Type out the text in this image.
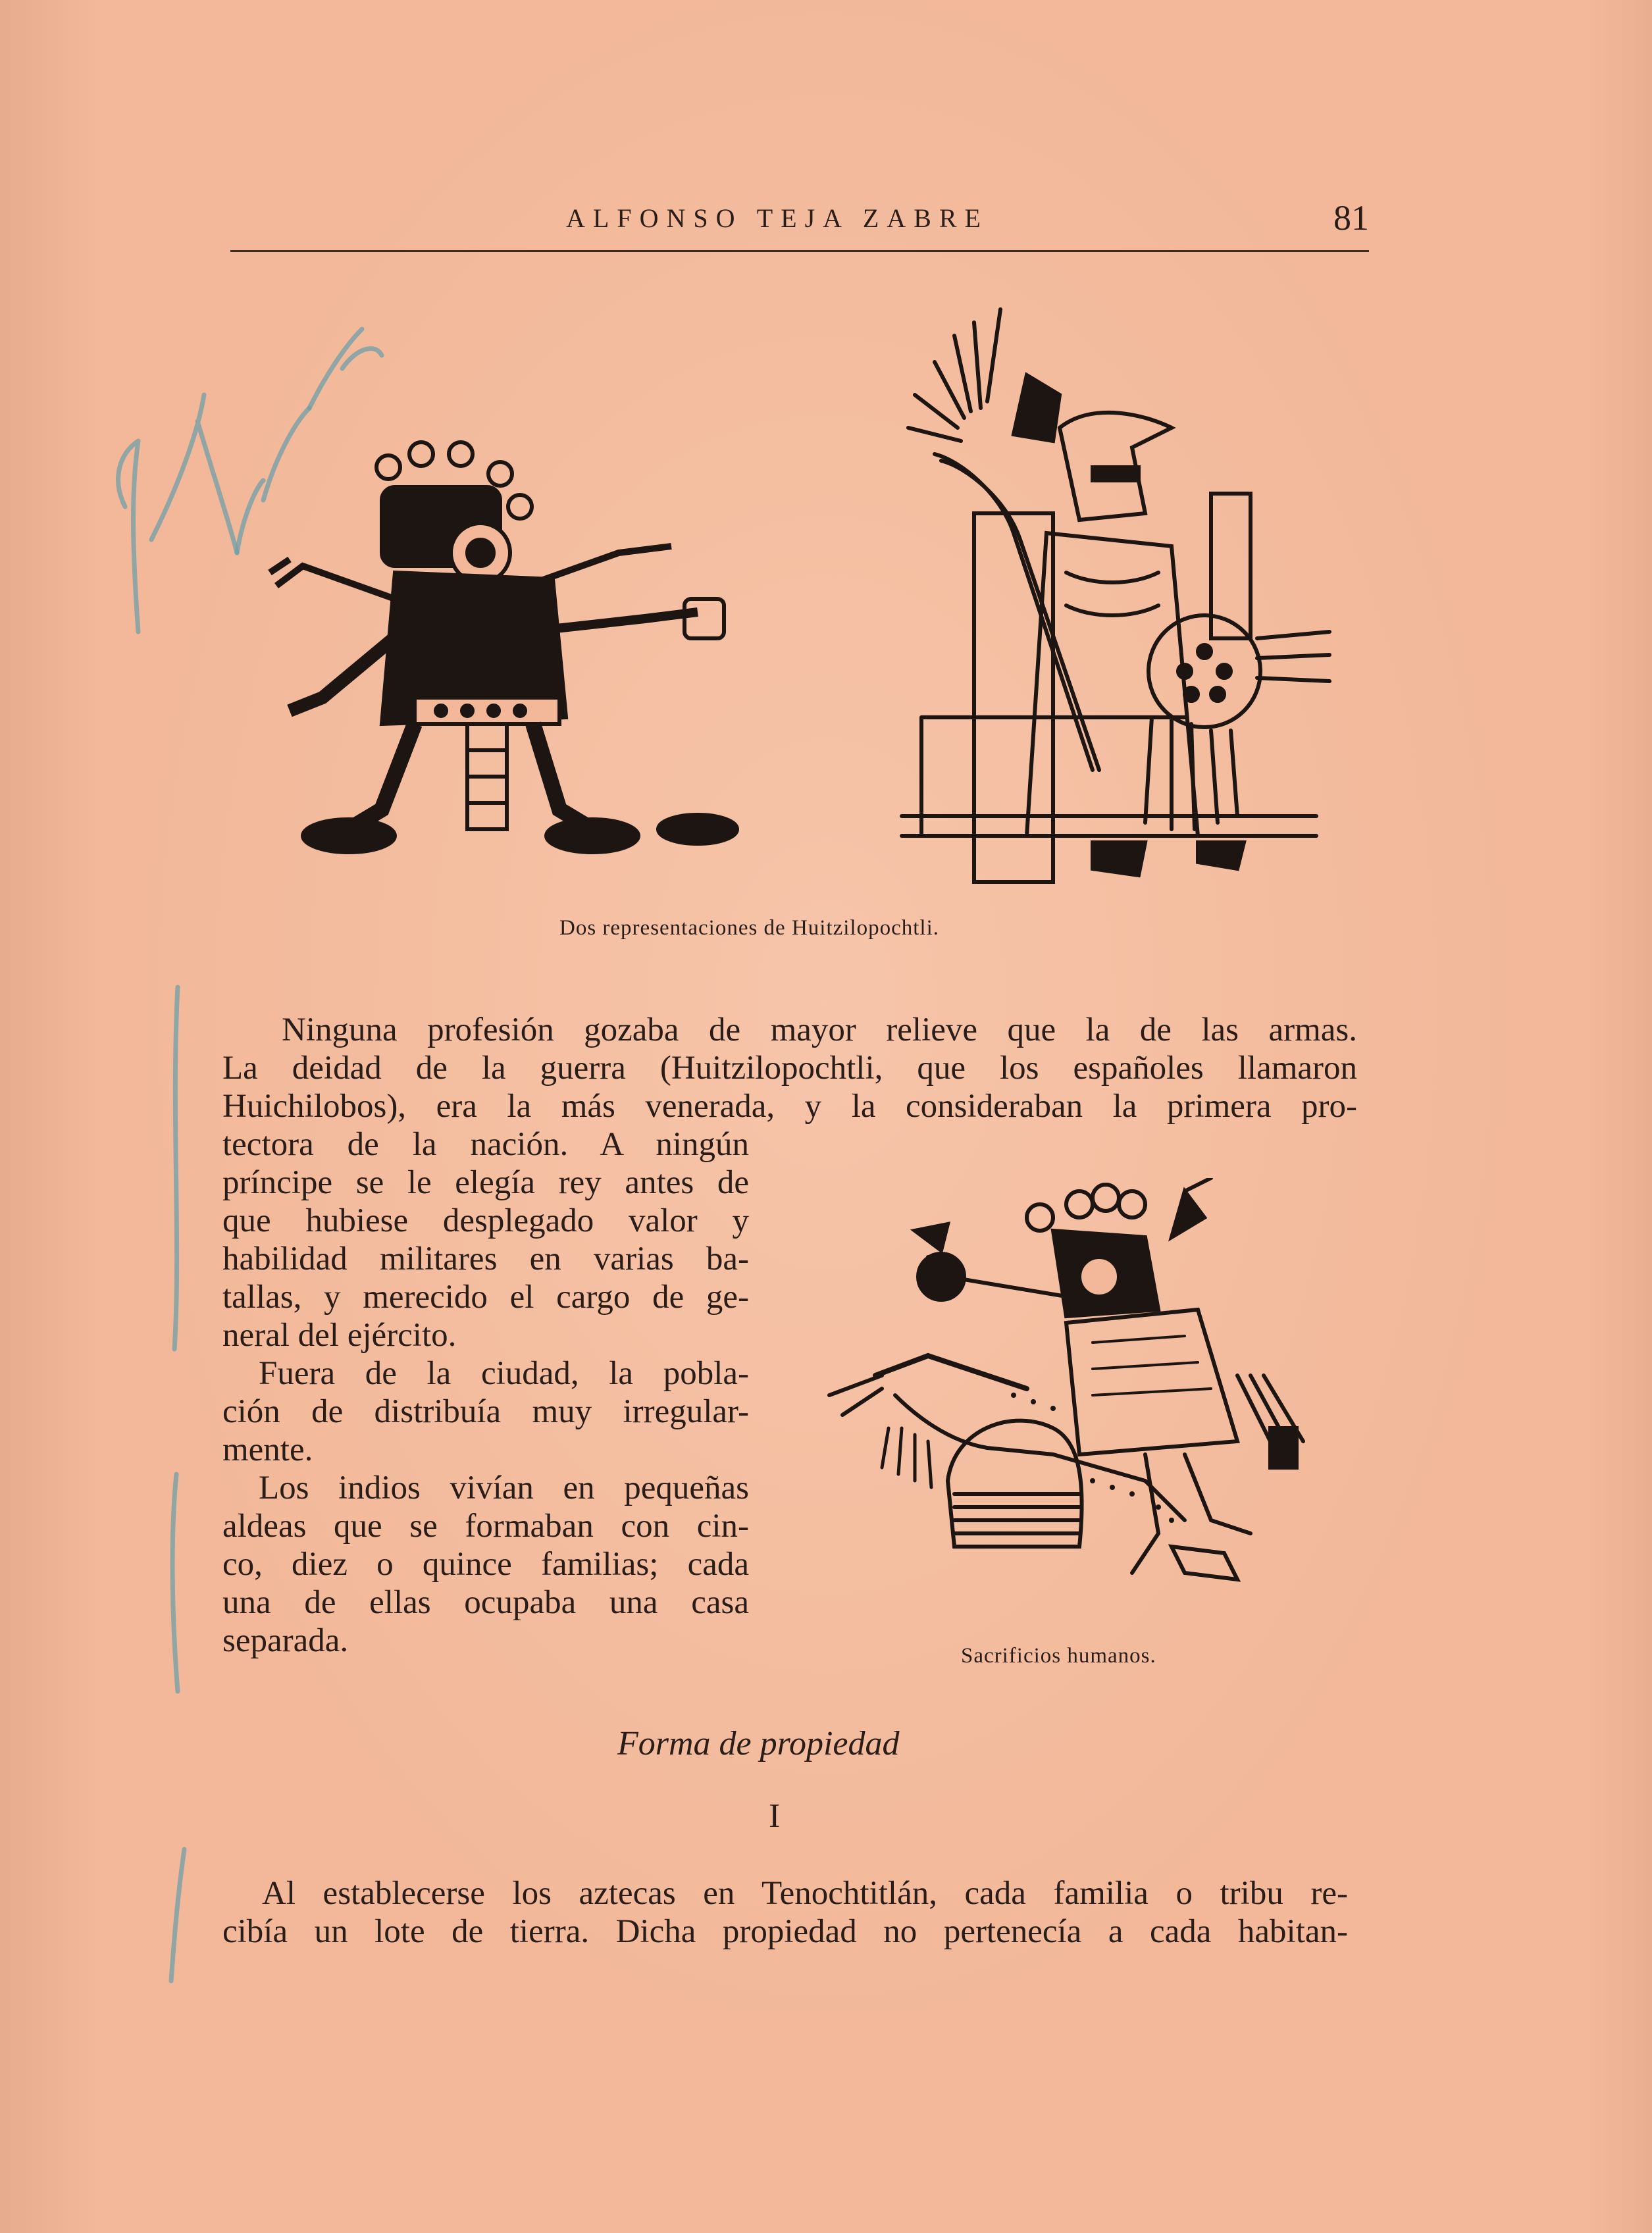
ALFONSO TEJA ZABRE	81
Dos representaciones de Huitzilopochtli.
Ninguna profesión gozaba de mayor relieve que la de las armas.
La deidad de la guerra (Huitzilopochtli, que los españoles llamaron
Huichilobos), era la más venerada, y la consideraban la primera pro-
tectora de la nación. A ningún
príncipe se le elegía rey antes de
que hubiese desplegado valor y
habilidad militares en varias ba-
tallas, y merecido el cargo de ge-
neral del ejército.
Fuera de la ciudad, la pobla-
ción de distribuía muy irregular-
mente.
Los indios vivían en pequeñas
aldeas que se formaban con cin-
co, diez o quince familias; cada
una de ellas ocupaba una casa
separada.	Sacrificios humanos.
Forma de propiedad
I
Al establecerse los aztecas en Tenochtitlán, cada familia o tribu re-
cibía un lote de tierra. Dicha propiedad no pertenecía a cada habitan-
